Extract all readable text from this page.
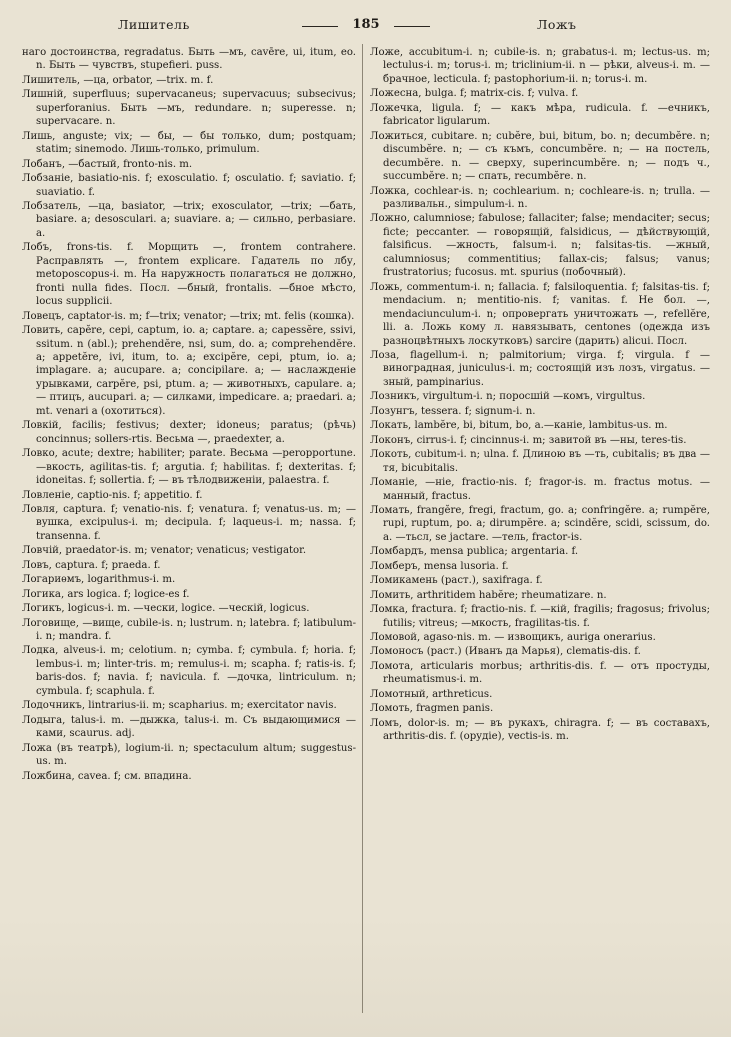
Лишитель	185	Ложъ

наго достоинства, regradatus. Быть —мъ, cavēre, ui, itum, eo. n. Быть — чувствъ, stupefieri. puss.

Лишитель, —ца, orbator, —trix. m. f.

Лишній, superfluus; supervacaneus; supervacuus; subsecivus; superforanius. Быть —мъ, redundare. n; superesse. n; supervacare. n.

Лишь, anguste; vix; — бы, — бы только, dum; postquam; statim; sinemodo. Лишь-только, primulum.

Лобанъ, —бастый, fronto-nis. m.

Лобзаніе, basiatio-nis. f; exosculatio. f; osculatio. f; saviatio. f; suaviatio. f.

Лобзатель, —ца, basiator, —trix; exosculator, —trix; —бать, basiare. a; desosculari. a; suaviare. a; — сильно, perbasiare. a.

Лобъ, frons-tis. f. Морщить —, frontem contrahere. Расправлять —, frontem explicare. Гадатель по лбу, metoposcopus-i. m. На наружность полагаться не должно, fronti nulla fides. Посл. —бный, frontalis. —бное мѣсто, locus supplicii.

Ловецъ, captator-is. m; f—trix; venator; —trix; mt. felis (кошка).

Ловить, capĕre, cepi, captum, io. a; captare. a; capessĕre, ssivi, ssitum. n (abl.); prehendĕre, nsi, sum, do. a; comprehendĕre. a; appetĕre, ivi, itum, to. a; excipĕre, cepi, ptum, io. a; implagare. a; aucupare. a; concipilare. a; — наслажденіе урывками, carpĕre, psi, ptum. a; — животныхъ, capulare. a; — птицъ, aucupari. a; — силками, impedicare. a; praedari. a; mt. venari a (охотиться).

Ловкій, facilis; festivus; dexter; idoneus; paratus; (рѣчь) concinnus; sollers-rtis. Весьма —, praedexter, a.

Ловко, acute; dextre; habiliter; parate. Весьма —peropportune. —вкость, agilitas-tis. f; argutia. f; habilitas. f; dexteritas. f; idoneitas. f; sollertia. f; — въ тѣлодвиженіи, palaestra. f.

Ловленіе, captio-nis. f; appetitio. f.

Ловля, captura. f; venatio-nis. f; venatura. f; venatus-us. m; —вушка, excipulus-i. m; decipula. f; laqueus-i. m; nassa. f; transenna. f.

Ловчій, praedator-is. m; venator; venaticus; vestigator.

Ловъ, captura. f; praeda. f.

Логариѳмъ, logarithmus-i. m.

Логика, ars logica. f; logice-es f.

Логикъ, logicus-i. m. —чески, logice. —ческій, logicus.

Логовище, —вище, cubile-is. n; lustrum. n; latebra. f; latibulum-i. n; mandra. f.

Лодка, alveus-i. m; celotium. n; cymba. f; cymbula. f; horia. f; lembus-i. m; linter-tris. m; remulus-i. m; scapha. f; ratis-is. f; baris-dos. f; navia. f; navicula. f. —дочка, lintriculum. n; cymbula. f; scaphula. f.

Лодочникъ, lintrarius-ii. m; scapharius. m; exercitator navis.

Лодыга, talus-i. m. —дыжка, talus-i. m. Съ выдающимися —ками, scaurus. adj.

Ложа (въ театрѣ), logium-ii. n; spectaculum altum; suggestus-us. m.

Ложбина, cavea. f; см. впадина.

Ложе, accubitum-i. n; cubile-is. n; grabatus-i. m; lectus-us. m; lectulus-i. m; torus-i. m; triclinium-ii. n — рѣки, alveus-i. m. — брачное, lecticula. f; pastophorium-ii. n; torus-i. m.

Ложесна, bulga. f; matrix-cis. f; vulva. f.

Ложечка, ligula. f; — какъ мѣра, rudicula. f. —ечникъ, fabricator ligularum.

Ложиться, cubitare. n; cubĕre, bui, bitum, bo. n; decumbĕre. n; discumbĕre. n; — съ къмъ, concumbĕre. n; — на постель, decumbĕre. n. — сверху, superincumbĕre. n; — подъ ч., succumbĕre. n; — спать, recumbĕre. n.

Ложка, cochlear-is. n; cochlearium. n; cochleare-is. n; trulla. — разливальн., simpulum-i. n.

Ложно, calumniose; fabulose; fallaciter; false; mendaciter; secus; ficte; peccanter. — говорящій, falsidicus, — дѣйствующій, falsificus. —жность, falsum-i. n; falsitas-tis. —жный, calumniosus; commentitius; fallax-cis; falsus; vanus; frustratorius; fucosus. mt. spurius (побочный).

Ложь, commentum-i. n; fallacia. f; falsiloquentia. f; falsitas-tis. f; mendacium. n; mentitio-nis. f; vanitas. f. Не бол. —, mendaciunculum-i. n; опровергать уничтожать —, refellĕre, lli. a. Ложь кому л. навязывать, centones (одежда изъ разноцвѣтныхъ лоскутковъ) sarcire (дарить) alicui. Посл.

Лоза, flagellum-i. n; palmitorium; virga. f; virgula. f — виноградная, juniculus-i. m; состоящій изъ лозъ, virgatus. —зный, pampinarius.

Лозникъ, virgultum-i. n; поросшій —комъ, virgultus.

Лозунгъ, tessera. f; signum-i. n.

Локать, lambĕre, bi, bitum, bo, a.—каніе, lambitus-us. m.

Локонъ, cirrus-i. f; cincinnus-i. m; завитой въ —ны, teres-tis.

Локоть, cubitum-i. n; ulna. f. Длиною въ —ть, cubitalis; въ два —тя, bicubitalis.

Ломаніе, —ніе, fractio-nis. f; fragor-is. m. fractus motus. —манный, fractus.

Ломать, frangĕre, fregi, fractum, go. a; confringĕre. a; rumpĕre, rupi, ruptum, po. a; dirumpĕre. a; scindĕre, scidi, scissum, do. a. —тьсл, se jactare. —тель, fractor-is.

Ломбардъ, mensa publica; argentaria. f.

Ломберъ, mensa lusoria. f.

Ломикамень (раст.), saxifraga. f.

Ломить, arthritidem habĕre; rheumatizare. n.

Ломка, fractura. f; fractio-nis. f. —кій, fragilis; fragosus; frivolus; futilis; vitreus; —мкость, fragilitas-tis. f.

Ломовой, agaso-nis. m. — извощикъ, auriga onerarius.

Ломоносъ (раст.) (Иванъ да Марья), clematis-dis. f.

Ломота, articularis morbus; arthritis-dis. f. — отъ простуды, rheumatismus-i. m.

Ломотный, arthreticus.

Ломоть, fragmen panis.

Ломъ, dolor-is. m; — въ рукахъ, chiragra. f; — въ составахъ, arthritis-dis. f. (орудіе), vectis-is. m.
